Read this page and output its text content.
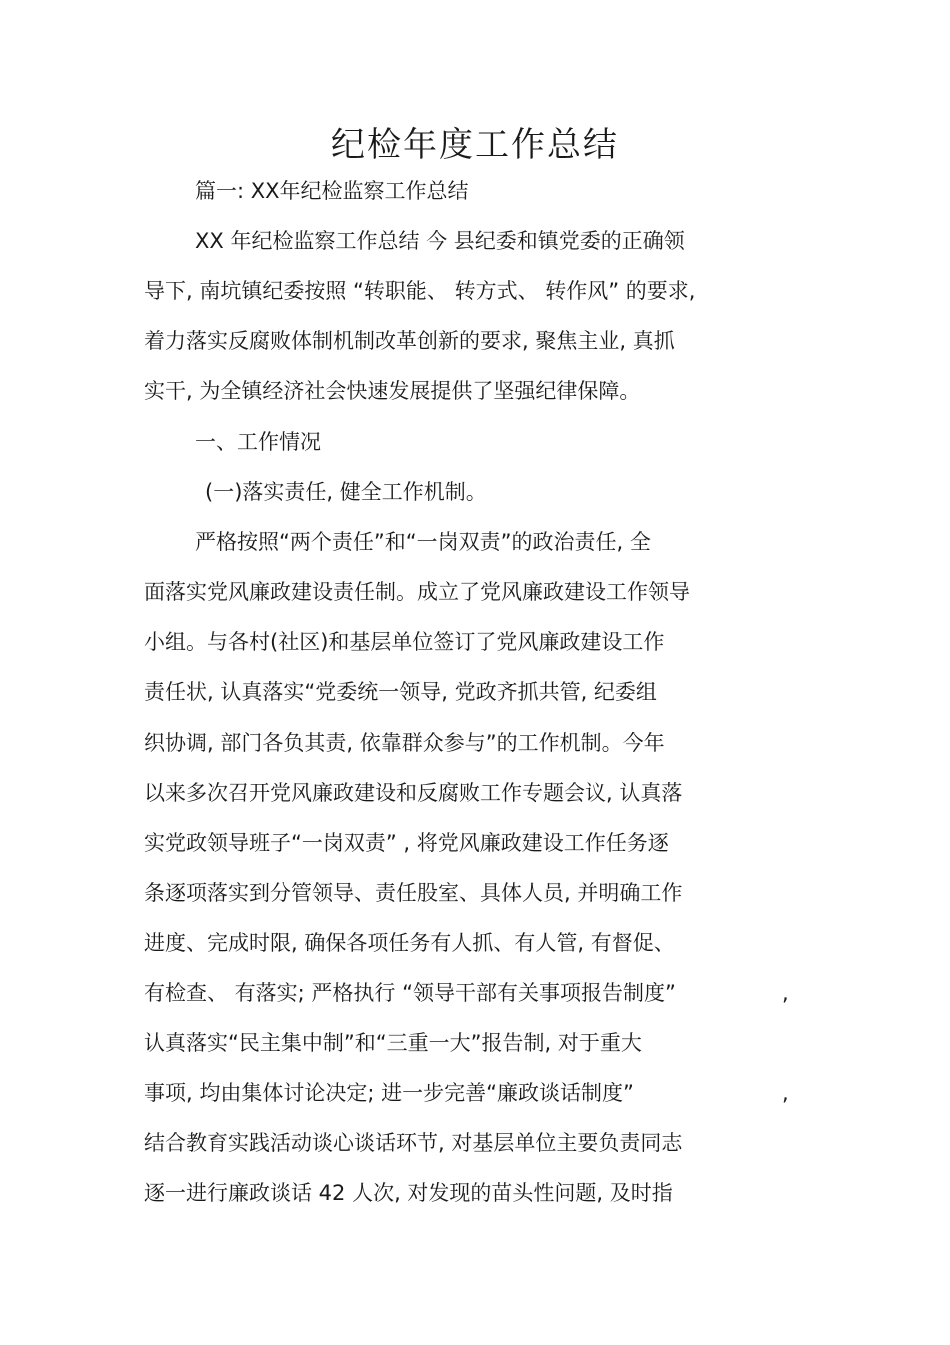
纪检年度工作总结
篇一: XX年纪检监察工作总结
XX 年纪检监察工作总结 今 县纪委和镇党委的正确领
导下, 南坑镇纪委按照 “转职能、 转方式、 转作风” 的要求,
着力落实反腐败体制机制改革创新的要求, 聚焦主业, 真抓
实干, 为全镇经济社会快速发展提供了坚强纪律保障。
一、工作情况
(一)落实责任, 健全工作机制。
严格按照“两个责任”和“一岗双责”的政治责任, 全
面落实党风廉政建设责任制。成立了党风廉政建设工作领导
小组。与各村(社区)和基层单位签订了党风廉政建设工作
责任状, 认真落实“党委统一领导, 党政齐抓共管, 纪委组
织协调, 部门各负其责, 依靠群众参与”的工作机制。今年
以来多次召开党风廉政建设和反腐败工作专题会议, 认真落
实党政领导班子“一岗双责” , 将党风廉政建设工作任务逐
条逐项落实到分管领导、责任股室、具体人员, 并明确工作
进度、完成时限, 确保各项任务有人抓、有人管, 有督促、
有检查、 有落实; 严格执行 “领导干部有关事项报告制度”	,
认真落实“民主集中制”和“三重一大”报告制, 对于重大
事项, 均由集体讨论决定; 进一步完善“廉政谈话制度”	,
结合教育实践活动谈心谈话环节, 对基层单位主要负责同志
逐一进行廉政谈话 42 人次, 对发现的苗头性问题, 及时指
